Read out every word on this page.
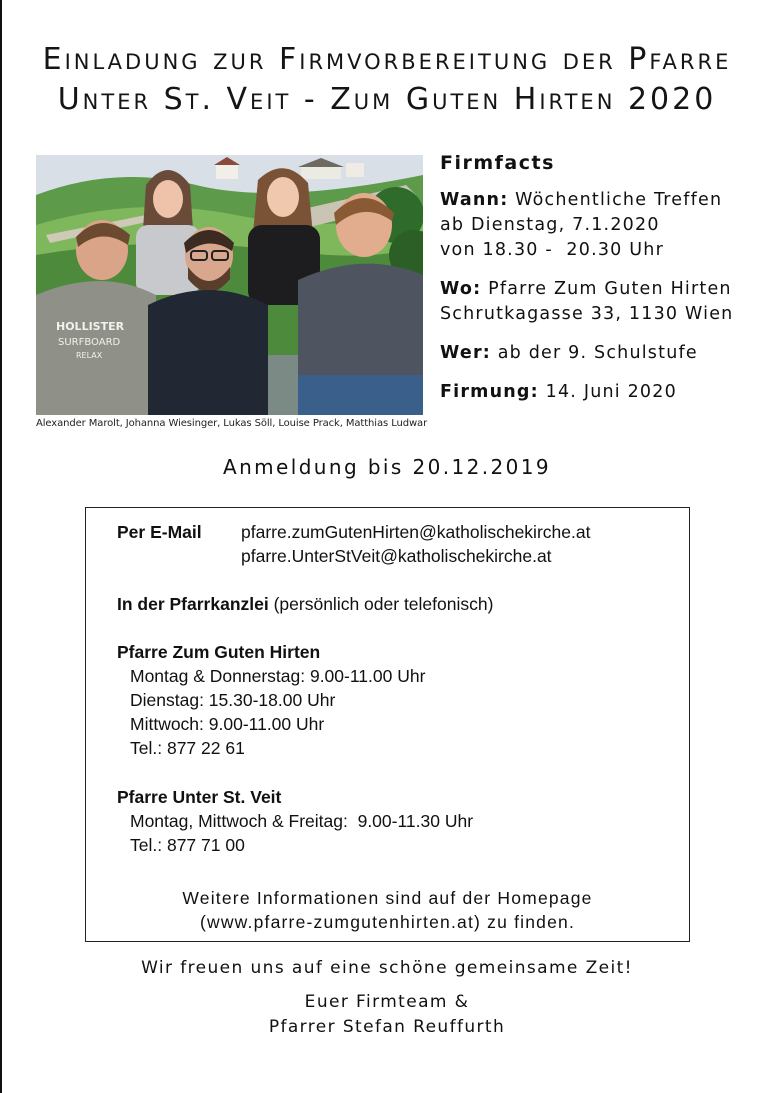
Einladung zur Firmvorbereitung der Pfarre
Unter St. Veit - Zum Guten Hirten 2020
HOLLISTER
SURFBOARD
RELAX
Alexander Marolt, Johanna Wiesinger, Lukas Söll, Louise Prack, Matthias Ludwar
Firmfacts
Wann: Wöchentliche Treffen
ab Dienstag, 7.1.2020
von 18.30 -  20.30 Uhr
Wo: Pfarre Zum Guten Hirten
Schrutkagasse 33, 1130 Wien
Wer: ab der 9. Schulstufe
Firmung: 14. Juni 2020
Anmeldung bis 20.12.2019
Per E-Mail pfarre.zumGutenHirten@katholischekirche.at
pfarre.UnterStVeit@katholischekirche.at
In der Pfarrkanzlei (persönlich oder telefonisch)
Pfarre Zum Guten Hirten
Montag & Donnerstag: 9.00-11.00 Uhr
Dienstag: 15.30-18.00 Uhr
Mittwoch: 9.00-11.00 Uhr
Tel.: 877 22 61
Pfarre Unter St. Veit
Montag, Mittwoch & Freitag:  9.00-11.30 Uhr
Tel.: 877 71 00
Weitere Informationen sind auf der Homepage
(www.pfarre-zumgutenhirten.at) zu finden.
Wir freuen uns auf eine schöne gemeinsame Zeit!
Euer Firmteam &
Pfarrer Stefan Reuffurth
